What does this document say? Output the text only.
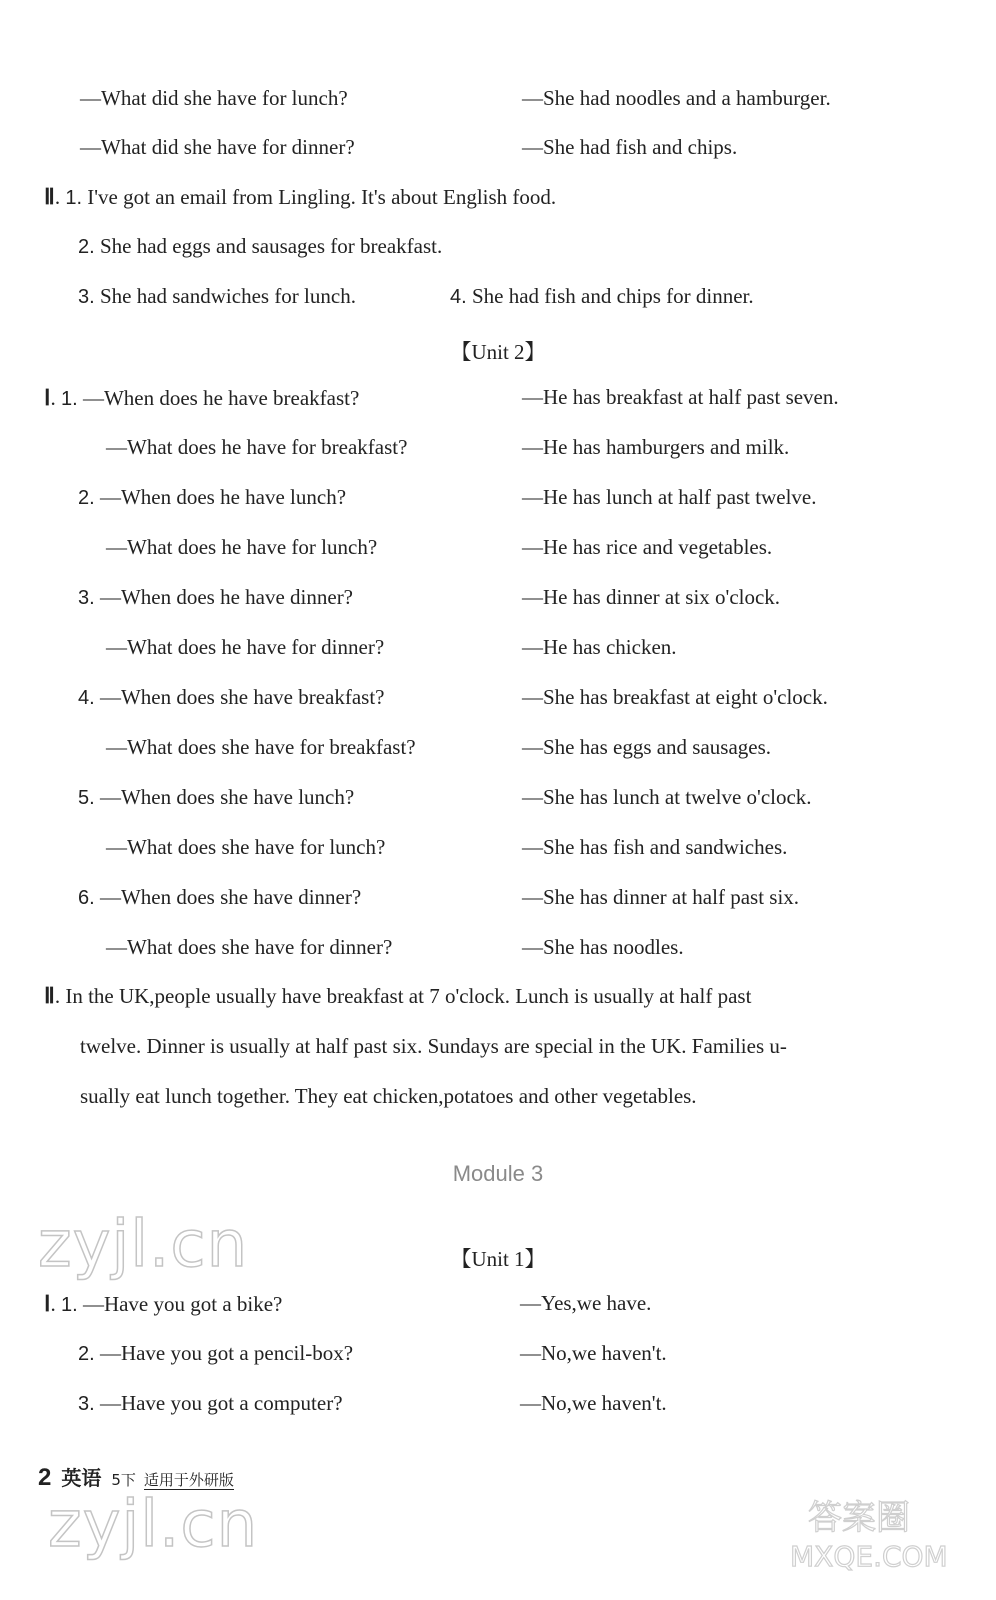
—What did she have for lunch?	—She had noodles and a hamburger.
—What did she have for dinner?	—She had fish and chips.
Ⅱ. 1. I've got an email from Lingling. It's about English food.
2. She had eggs and sausages for breakfast.
3. She had sandwiches for lunch.	4. She had fish and chips for dinner.
【Unit 2】
Ⅰ. 1. —When does he have breakfast?	—He has breakfast at half past seven.
—What does he have for breakfast?	—He has hamburgers and milk.
2. —When does he have lunch?	—He has lunch at half past twelve.
—What does he have for lunch?	—He has rice and vegetables.
3. —When does he have dinner?	—He has dinner at six o'clock.
—What does he have for dinner?	—He has chicken.
4. —When does she have breakfast?	—She has breakfast at eight o'clock.
—What does she have for breakfast?	—She has eggs and sausages.
5. —When does she have lunch?	—She has lunch at twelve o'clock.
—What does she have for lunch?	—She has fish and sandwiches.
6. —When does she have dinner?	—She has dinner at half past six.
—What does she have for dinner?	—She has noodles.
Ⅱ. In the UK,people usually have breakfast at 7 o'clock. Lunch is usually at half past
twelve. Dinner is usually at half past six. Sundays are special in the UK. Families u-
sually eat lunch together. They eat chicken,potatoes and other vegetables.
Module 3
zyjl.cn	【Unit 1】
Ⅰ. 1. —Have you got a bike?	—Yes,we have.
2. —Have you got a pencil-box?	—No,we haven't.
3. —Have you got a computer?	—No,we haven't.
2 英语 5下 适用于外研版
zyjl.cn	答案圈
MXQE.COM
